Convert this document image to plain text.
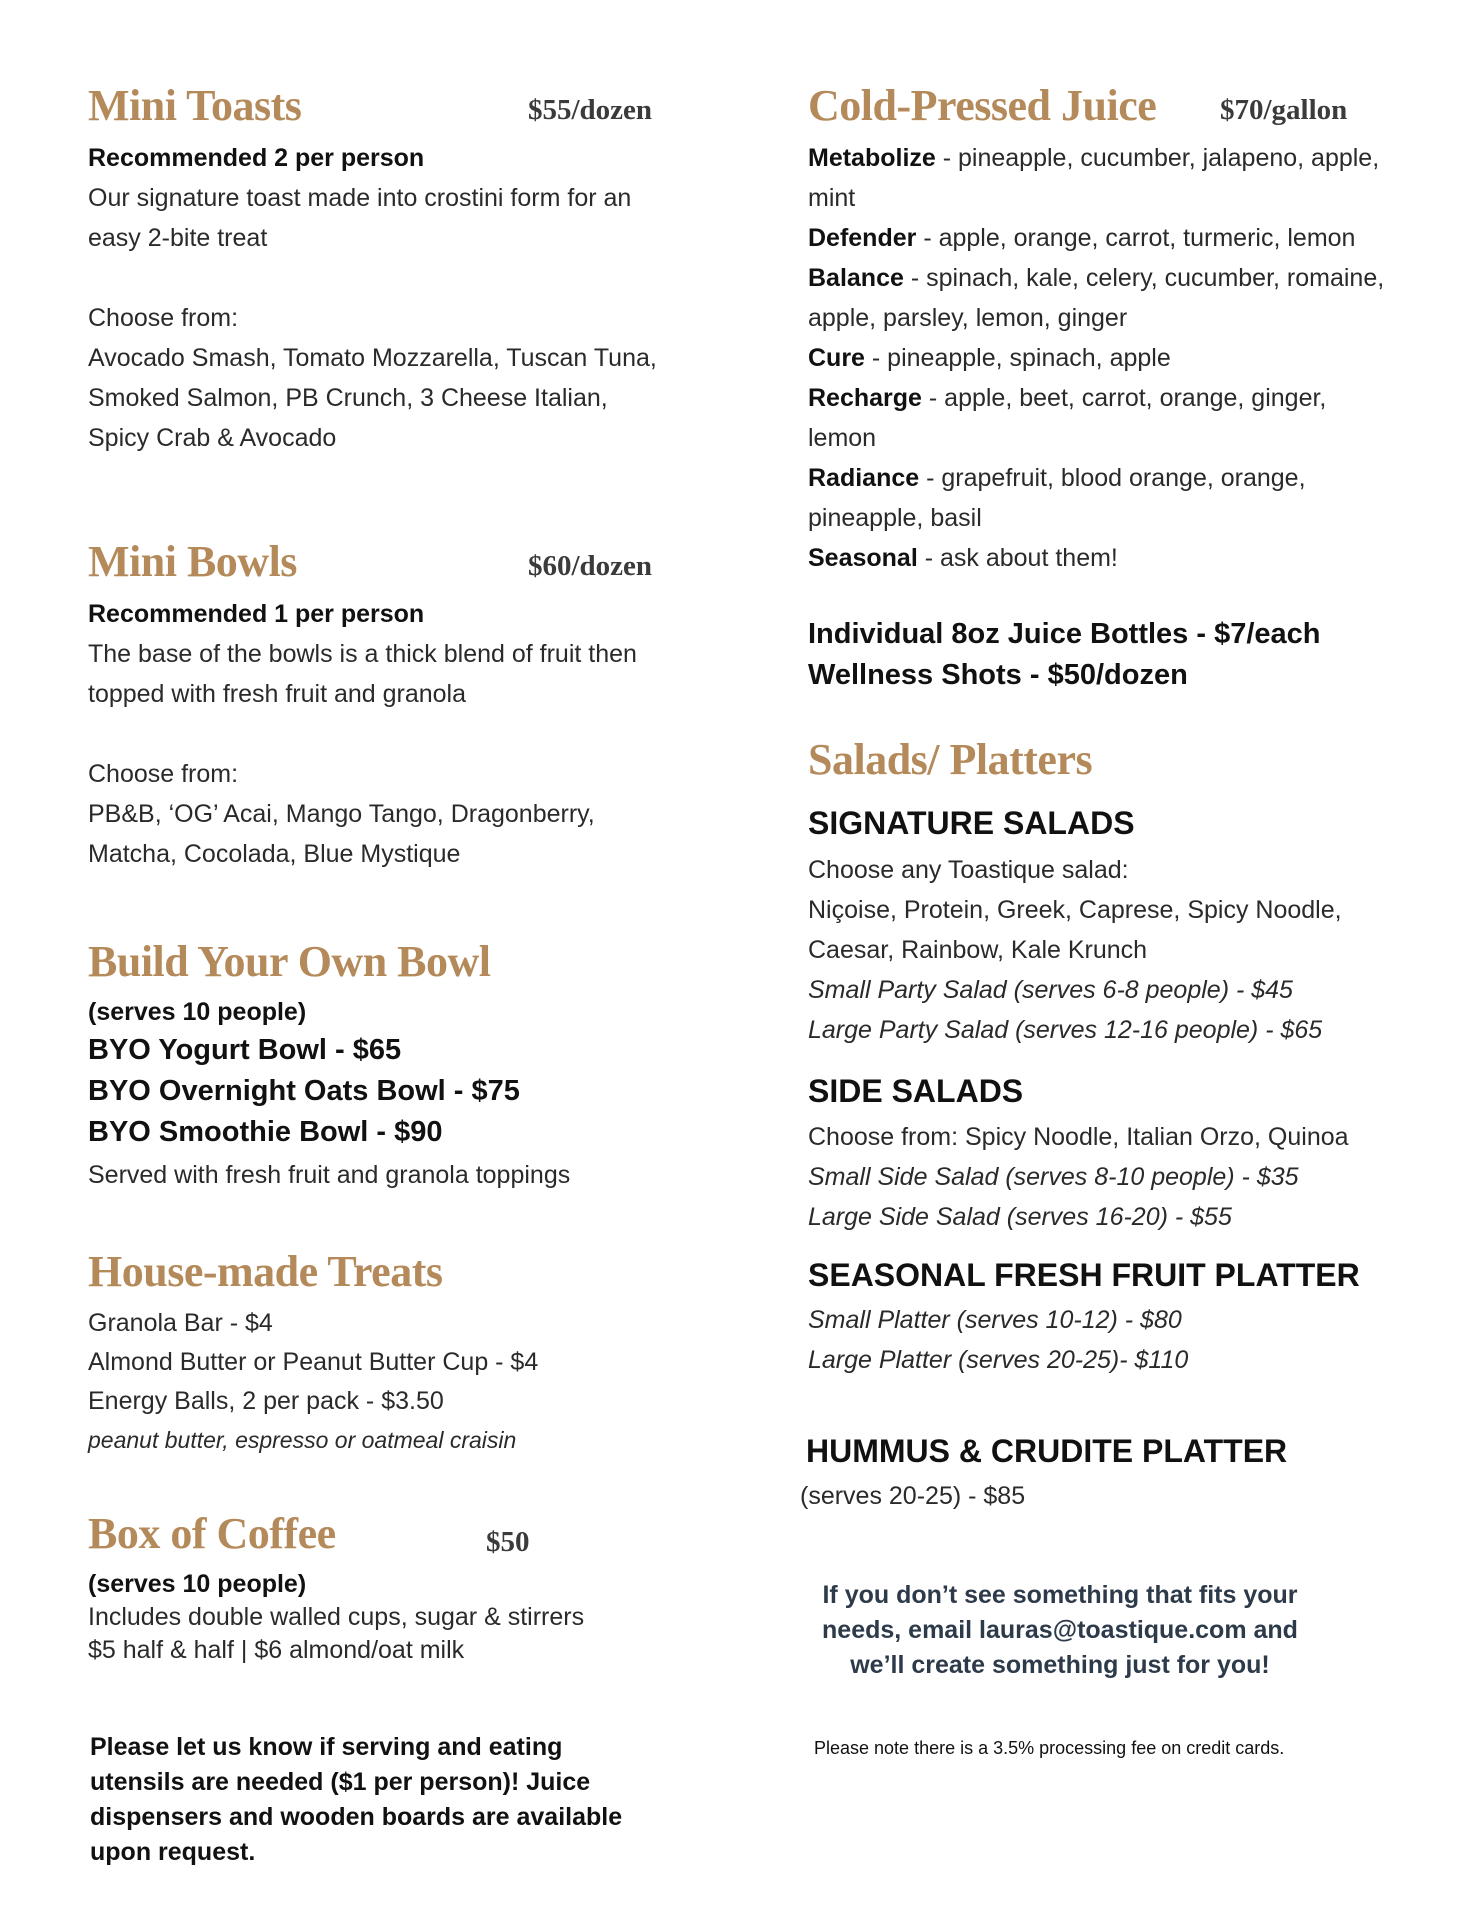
Mini Toasts	$55/dozen
Recommended 2 per person
Our signature toast made into crostini form for an
easy 2-bite treat

Choose from:
Avocado Smash, Tomato Mozzarella, Tuscan Tuna,
Smoked Salmon, PB Crunch, 3 Cheese Italian,
Spicy Crab & Avocado
Mini Bowls	$60/dozen
Recommended 1 per person
The base of the bowls is a thick blend of fruit then
topped with fresh fruit and granola

Choose from:
PB&B, ‘OG’ Acai, Mango Tango, Dragonberry,
Matcha, Cocolada, Blue Mystique
Build Your Own Bowl
(serves 10 people)
BYO Yogurt Bowl - $65
BYO Overnight Oats Bowl - $75
BYO Smoothie Bowl - $90
Served with fresh fruit and granola toppings
House-made Treats
Granola Bar - $4
Almond Butter or Peanut Butter Cup - $4
Energy Balls, 2 per pack - $3.50
peanut butter, espresso or oatmeal craisin
Box of Coffee	$50
(serves 10 people)
Includes double walled cups, sugar & stirrers
$5 half & half | $6 almond/oat milk
Please let us know if serving and eating
utensils are needed ($1 per person)! Juice
dispensers and wooden boards are available
upon request.
Cold-Pressed Juice $70/gallon
Metabolize - pineapple, cucumber, jalapeno, apple,
mint
Defender - apple, orange, carrot, turmeric, lemon
Balance - spinach, kale, celery, cucumber, romaine,
apple, parsley, lemon, ginger
Cure - pineapple, spinach, apple
Recharge - apple, beet, carrot, orange, ginger,
lemon
Radiance - grapefruit, blood orange, orange,
pineapple, basil
Seasonal - ask about them!
Individual 8oz Juice Bottles - $7/each
Wellness Shots - $50/dozen
Salads/ Platters
SIGNATURE SALADS
Choose any Toastique salad:
Niçoise, Protein, Greek, Caprese, Spicy Noodle,
Caesar, Rainbow, Kale Krunch
Small Party Salad (serves 6-8 people) - $45
Large Party Salad (serves 12-16 people) - $65
SIDE SALADS
Choose from: Spicy Noodle, Italian Orzo, Quinoa
Small Side Salad (serves 8-10 people) - $35
Large Side Salad (serves 16-20) - $55
SEASONAL FRESH FRUIT PLATTER
Small Platter (serves 10-12) - $80
Large Platter (serves 20-25)- $110
HUMMUS & CRUDITE PLATTER
(serves 20-25) - $85
If you don’t see something that fits your
needs, email lauras@toastique.com and
we’ll create something just for you!
Please note there is a 3.5% processing fee on credit cards.
